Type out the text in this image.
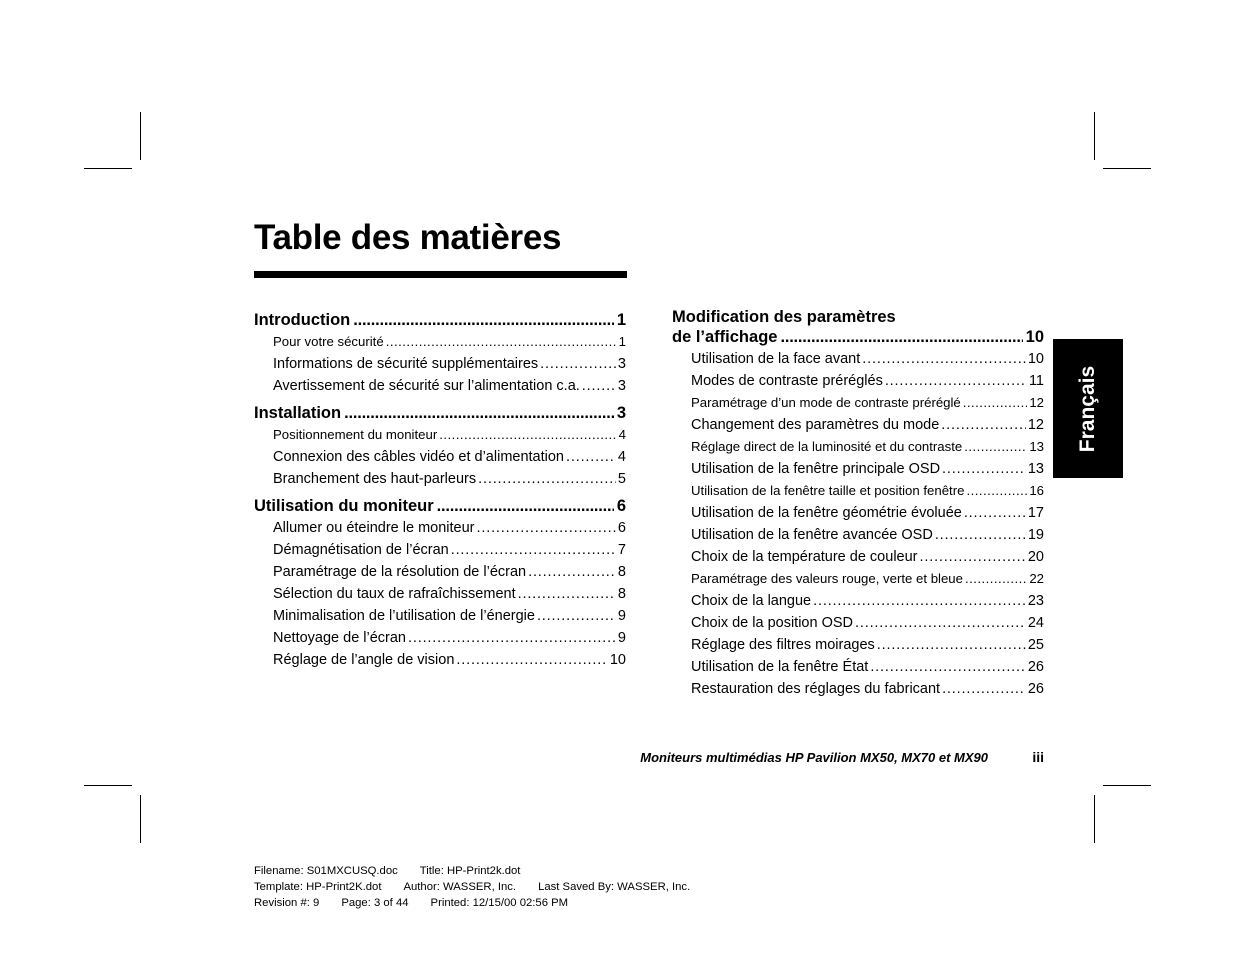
Table des matières
Introduction . . .	1
Pour votre sécurité . . .	1
Informations de sécurité supplémentaires . . .	3
Avertissement de sécurité sur l’alimentation c.a. . . .	3
Installation . . .	3
Positionnement du moniteur . . .	4
Connexion des câbles vidéo et d’alimentation . . .	4
Branchement des haut-parleurs . . .	5
Utilisation du moniteur . . .	6
Allumer ou éteindre le moniteur . . .	6
Démagnétisation de l’écran . . .	7
Paramétrage de la résolution de l’écran . . .	8
Sélection du taux de rafraîchissement . . .	8
Minimalisation de l’utilisation de l’énergie . . .	9
Nettoyage de l’écran . . .	9
Réglage de l’angle de vision . . .	10
Modification des paramètres
de l’affichage . . .	10
Utilisation de la face avant . . .	10
Modes de contraste préréglés . . .	11
Paramétrage d’un mode de contraste préréglé . . .	12
Changement des paramètres du mode . . .	12
Réglage direct de la luminosité et du contraste . . .	13
Utilisation de la fenêtre principale OSD . . .	13
Utilisation de la fenêtre taille et position fenêtre . . .	16
Utilisation de la fenêtre géométrie évoluée . . .	17
Utilisation de la fenêtre avancée OSD . . .	19
Choix de la température de couleur . . .	20
Paramétrage des valeurs rouge, verte et bleue . . .	22
Choix de la langue . . .	23
Choix de la position OSD . . .	24
Réglage des filtres moirages . . .	25
Utilisation de la fenêtre État . . .	26
Restauration des réglages du fabricant . . .	26
Français
Moniteurs multimédias HP Pavilion MX50, MX70 et MX90	iii
Filename: S01MXCUSQ.doc Title: HP-Print2k.dot
Template: HP-Print2K.dot Author: WASSER, Inc. Last Saved By: WASSER, Inc.
Revision #: 9 Page: 3 of 44 Printed: 12/15/00 02:56 PM
